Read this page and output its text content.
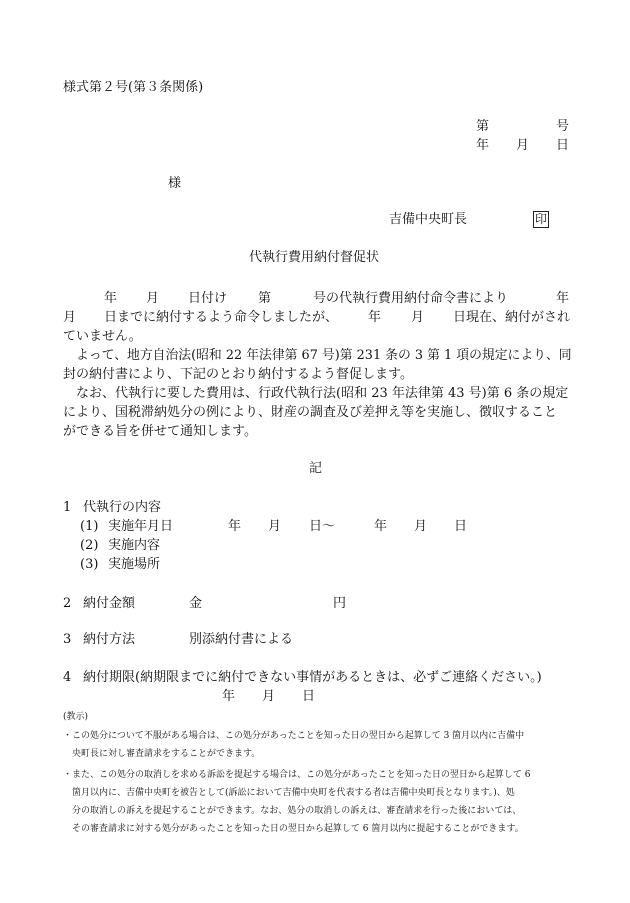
様式第２号(第３条関係)
第	号
年 月 日
様
吉備中央町長	印
代執行費用納付督促状
年 月 日付け 第	号の代執行費用納付命令書により	年
月 日までに納付するよう命令しましたが、 年 月 日現在、納付がされ
ていません。
よって、地方自治法(昭和 22 年法律第 67 号)第 231 条の 3 第 1 項の規定により、同
封の納付書により、下記のとおり納付するよう督促します。
なお、代執行に要した費用は、行政代執行法(昭和 23 年法律第 43 号)第 6 条の規定
により、国税滞納処分の例により、財産の調査及び差押え等を実施し、徴収すること
ができる旨を併せて通知します。
記
1 代執行の内容
(1) 実施年月日	年 月 日～	年 月 日
(2) 実施内容
(3) 実施場所
2 納付金額	金	円
3 納付方法	別添納付書による
4 納付期限(納期限までに納付できない事情があるときは、必ずご連絡ください。)
年 月 日
(教示)
・この処分について不服がある場合は、この処分があったことを知った日の翌日から起算して 3 箇月以内に吉備中
央町長に対し審査請求をすることができます。
・また、この処分の取消しを求める訴訟を提起する場合は、この処分があったことを知った日の翌日から起算して 6
箇月以内に、吉備中央町を被告として(訴訟において吉備中央町を代表する者は吉備中央町長となります。)、処
分の取消しの訴えを提起することができます。なお、処分の取消しの訴えは、審査請求を行った後においては、
その審査請求に対する処分があったことを知った日の翌日から起算して 6 箇月以内に提起することができます。
